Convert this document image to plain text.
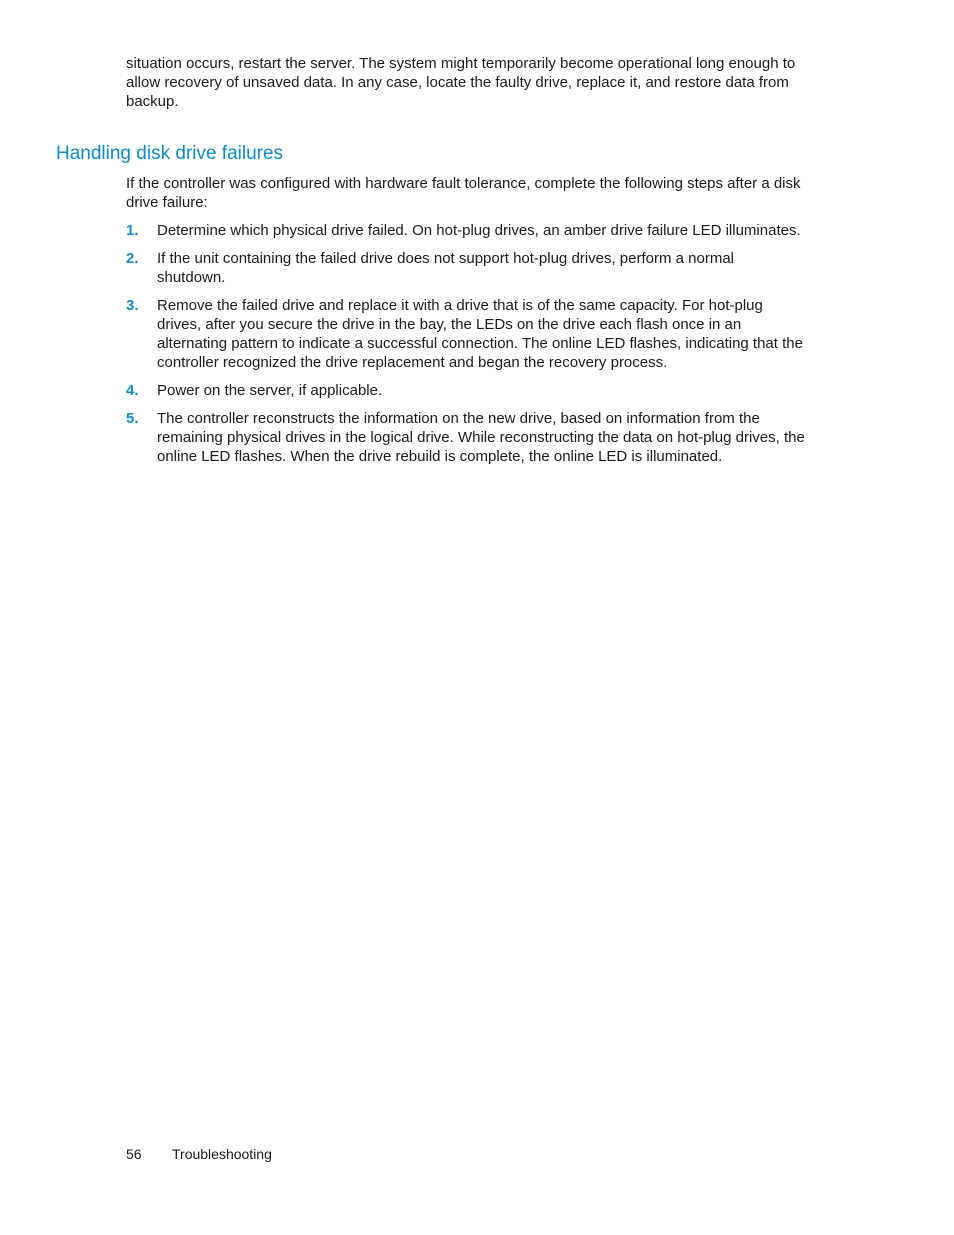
situation occurs, restart the server. The system might temporarily become operational long enough to allow recovery of unsaved data. In any case, locate the faulty drive, replace it, and restore data from backup.

Handling disk drive failures

If the controller was configured with hardware fault tolerance, complete the following steps after a disk drive failure:

1.	Determine which physical drive failed. On hot-plug drives, an amber drive failure LED illuminates.
2.	If the unit containing the failed drive does not support hot-plug drives, perform a normal shutdown.
3.	Remove the failed drive and replace it with a drive that is of the same capacity. For hot-plug drives, after you secure the drive in the bay, the LEDs on the drive each flash once in an alternating pattern to indicate a successful connection. The online LED flashes, indicating that the controller recognized the drive replacement and began the recovery process.
4.	Power on the server, if applicable.
5.	The controller reconstructs the information on the new drive, based on information from the remaining physical drives in the logical drive. While reconstructing the data on hot-plug drives, the online LED flashes. When the drive rebuild is complete, the online LED is illuminated.
56	Troubleshooting
